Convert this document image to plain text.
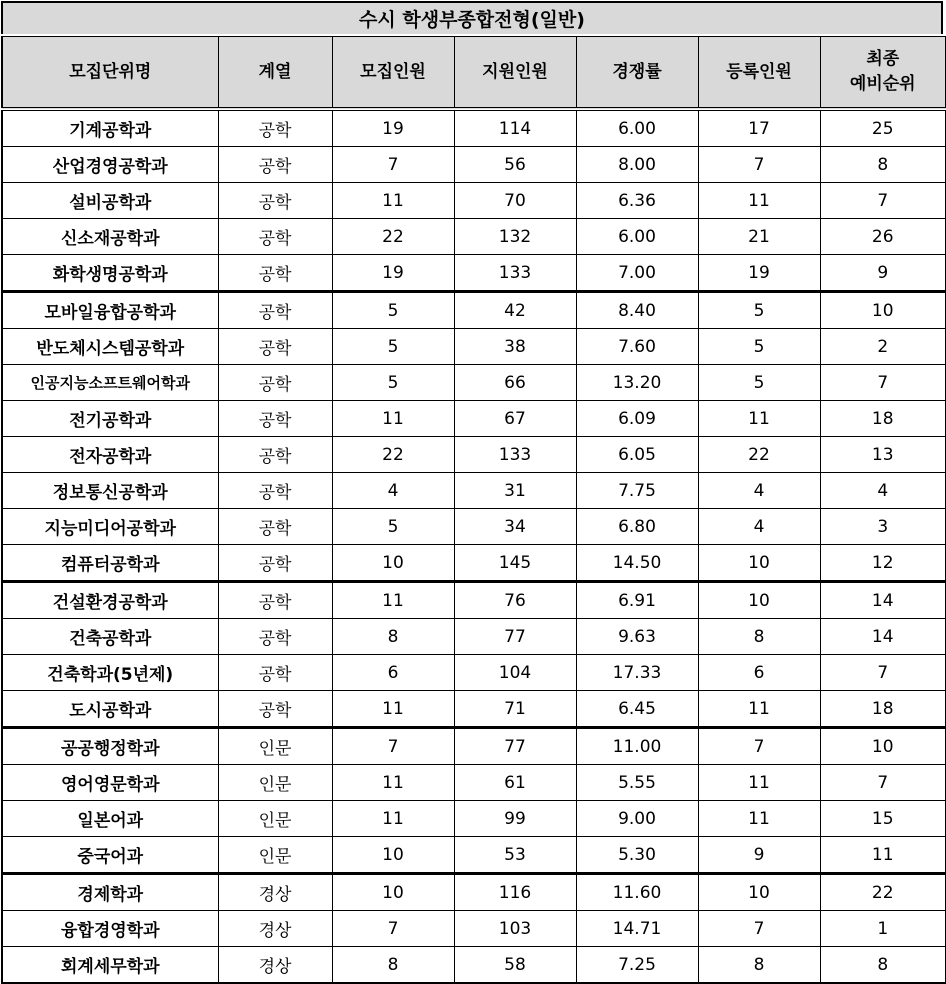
수시 학생부종합전형(일반)
모집단위명	계열	모집인원	지원인원	경쟁률	등록인원	최종
예비순위
기계공학과	공학	19	114	6.00	17	25
산업경영공학과	공학	7	56	8.00	7	8
설비공학과	공학	11	70	6.36	11	7
신소재공학과	공학	22	132	6.00	21	26
화학생명공학과	공학	19	133	7.00	19	9
모바일융합공학과	공학	5	42	8.40	5	10
반도체시스템공학과	공학	5	38	7.60	5	2
인공지능소프트웨어학과	공학	5	66	13.20	5	7
전기공학과	공학	11	67	6.09	11	18
전자공학과	공학	22	133	6.05	22	13
정보통신공학과	공학	4	31	7.75	4	4
지능미디어공학과	공학	5	34	6.80	4	3
컴퓨터공학과	공학	10	145	14.50	10	12
건설환경공학과	공학	11	76	6.91	10	14
건축공학과	공학	8	77	9.63	8	14
건축학과(5년제)	공학	6	104	17.33	6	7
도시공학과	공학	11	71	6.45	11	18
공공행정학과	인문	7	77	11.00	7	10
영어영문학과	인문	11	61	5.55	11	7
일본어과	인문	11	99	9.00	11	15
중국어과	인문	10	53	5.30	9	11
경제학과	경상	10	116	11.60	10	22
융합경영학과	경상	7	103	14.71	7	1
회계세무학과	경상	8	58	7.25	8	8
